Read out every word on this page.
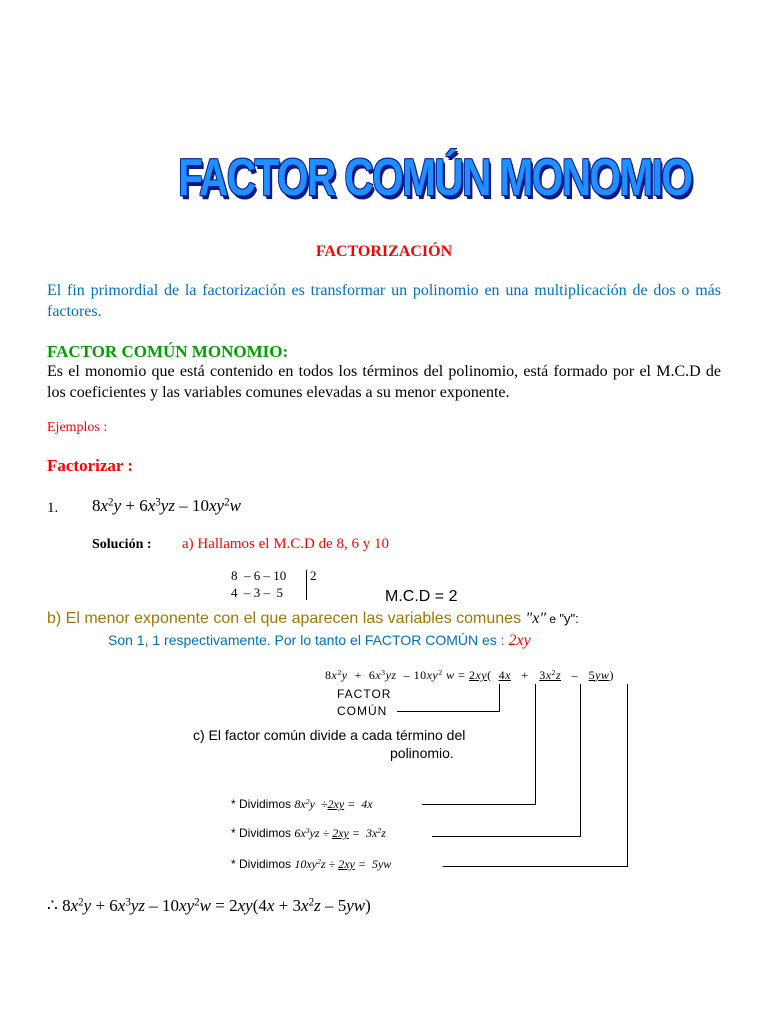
FACTOR COMÚN MONOMIO
FACTORIZACIÓN
El fin primordial de la factorización es transformar un polinomio en una multiplicación de dos o más factores.
FACTOR COMÚN MONOMIO:
Es el monomio que está contenido en todos los términos del polinomio, está formado por el M.C.D de los coeficientes y las variables comunes elevadas a su menor exponente.
Ejemplos :
Factorizar :
1. $8x^2y + 6x^3yz - 10xy^2w$
Solución : a) Hallamos el M.C.D de 8, 6 y 10
8  – 6 – 10 2
4  – 3 –  5	M.C.D = 2
b) El menor exponente con el que aparecen las variables comunes "x" e "y":
Son 1, 1 respectivamente. Por lo tanto el FACTOR COMÚN es : 2xy
$8x^2y + 6x^3yz - 10xy^2$ w = 2xy(  $4x + 3x^2z - 5yw$)
FACTOR
COMÚN
c) El factor común divide a cada término del
polinomio.
* Dividimos $8x^2y \div 2xy = 4x$
* Dividimos $6x^3yz \div 2xy = 3x^2z$
* Dividimos $10xy^2z \div 2xy = 5yw$
∴ $8x^2y + 6x^3yz - 10xy^2w = 2xy(4x + 3x^2z - 5yw)$
